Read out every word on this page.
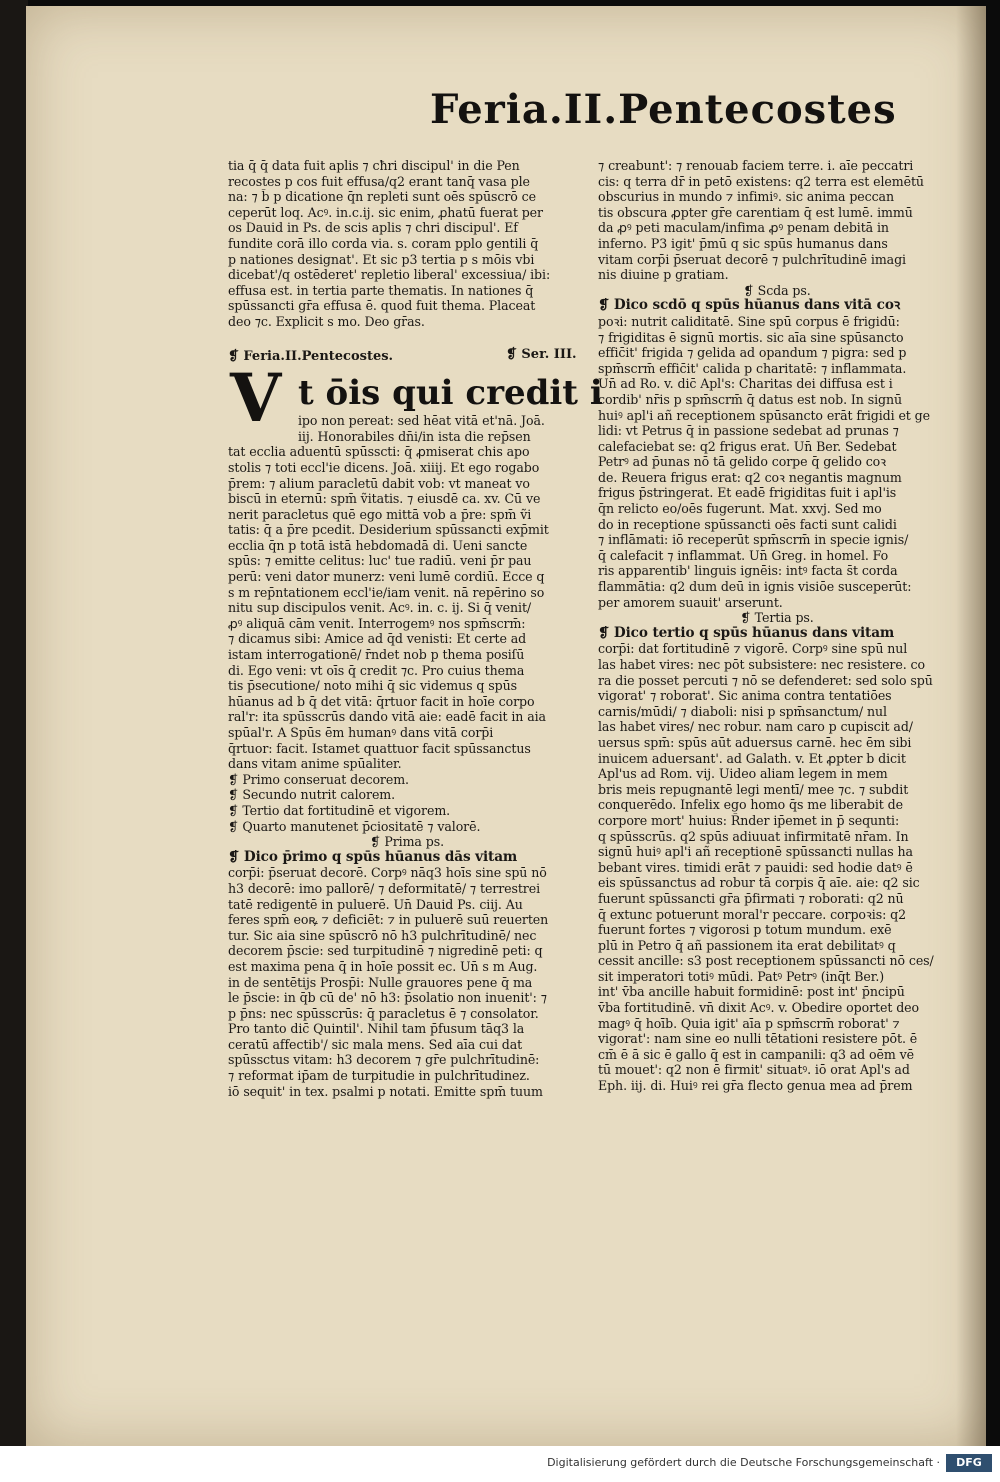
Feria.II.Pentecostes
tia q̄ q̄ data fuit aplis ⁊ cħri discipul' in die Pen
recostes p cos fuit effusa/q2 erant tanq̄ vasa ple
na: ⁊ b̄ p dicatione q̄n repleti sunt oēs spūscrō ce
ceperūt loq. Acꝰ. in.c.ij. sic enim, ꝓhatū fuerat per
os Dauid in Ps. de scis aplis ⁊ chri discipul'. Ef
fundite corā illo corda via. s. coram pplo gentili q̄
p nationes designat'. Et sic p3 tertia p s mōis vbi
dicebat'/q ostēderet' repletio liberal' excessiua/ ibi:
effusa est. in tertia parte thematis. In nationes q̄
spūssancti gr̄a effusa ē. quod fuit thema. Placeat
deo ⁊c. Explicit s mo. Deo gr̄as.
❡ Feria.II.Pentecostes.	❡ Ser. III.
V t ōis qui credit i
ipo non pereat: sed hēat vitā et'nā. Joā.
iij. Honorabiles dn̄i/in ista die rep̄sen
tat ecclia aduentū spūsscti: q̄ ꝓmiserat chis apo
stolis ⁊ toti eccl'ie dicens. Joā. xiiij. Et ego rogabo
p̄rem: ⁊ alium paracletū dabit vob: vt maneat vo
biscū in eternū: spm̄ ṽitatis. ⁊ eiusdē ca. xv. Cū ve
nerit paracletus quē ego mittā vob a p̄re: spm̄ ṽi
tatis: q̄ a p̄re pcedit. Desiderium spūssancti exp̄mit
ecclia q̄n p totā istā hebdomadā di. Ueni sancte
spūs: ⁊ emitte celitus: luc' tue radiū. veni p̄r pau
perū: veni dator munerz: veni lumē cordiū. Ecce q
s m rep̄ntationem eccl'ie/iam venit. nā repērino so
nitu sup discipulos venit. Acꝰ. in. c. ij. Si q̄ venit/
ꝓꝰ aliquā cām venit. Interrogemꝰ nos spm̄scrm̄:
⁊ dicamus sibi: Amice ad q̄d venisti: Et certe ad
istam interrogationē/ r̄ndet nob p thema posiſū
di. Ego veni: vt oīs q̄ credit ⁊c. Pro cuius thema
tis p̄secutione/ noto mihi q̄ sic videmus q spūs
hūanus ad b q̄ det vitā: q̄rtuor facit in hoīe corpo
ral'r: ita spūsscrūs dando vitā aie: eadē facit in aia
spūal'r. A Spūs ēm humanꝰ dans vitā corp̄i
q̄rtuor: facit. Istamet quattuor facit spūssanctus
dans vitam anime spūaliter.
❡ Primo conseruat decorem.
❡ Secundo nutrit calorem.
❡ Tertio dat fortitudinē et vigorem.
❡ Quarto manutenet p̄ciositatē ⁊ valorē.
❡ Prima ps.
❡ Dico p̄rimo q spūs hūanus dās vitam
corp̄i: p̄seruat decorē. Corpꝰ nāq3 hoīs sine spū nō
h3 decorē: imo pallorē/ ⁊ deformitatē/ ⁊ terrestrei
tatē redigentē in puluerē. Un̄ Dauid Ps. ciij. Au
feres spm̄ eoꝶ ⁊ deficiēt: ⁊ in puluerē suū reuerten
tur. Sic aia sine spūscrō nō h3 pulchrītudinē/ nec
decorem p̄scie: sed turpitudinē ⁊ nigredinē peti: q
est maxima pena q̄ in hoīe possit ec. Un̄ s m Aug.
in de sentētijs Prosp̄i: Nulle grauores pene q̄ ma
le p̄scie: in q̄b cū de' nō h3: p̄solatio non inuenit': ⁊
p p̄ns: nec spūsscrūs: q̄ paracletus ē ⁊ consolator.
Pro tanto dic̄ Quintil'. Nihil tam p̄fusum tāq3 la
ceratū affectib'/ sic mala mens. Sed aīa cui dat
spūssctus vitam: h3 decorem ⁊ gr̄e pulchrītudinē:
⁊ reformat ip̄am de turpitudie in pulchrītudinez.
iō sequit' in tex. psalmi p notati. Emitte spm̄ tuum
⁊ creabunt': ⁊ renouab faciem terre. i. aīe peccatri
cis: q terra dr̄ in petō existens: q2 terra est elemētū
obscurius in mundo ⁊ infimiꝰ. sic anima peccan
tis obscura ꝓpter gr̄e carentiam q̄ est lumē. immū
da ꝓꝰ peti maculam/infima ꝓꝰ penam debitā in
inferno. P3 igit' p̄mū q sic spūs humanus dans
vitam corp̄i p̄seruat decorē ⁊ pulchrītudinē imagi
nis diuine p gratiam.
❡ Scda ps.
❡ Dico scdō q spūs hūanus dans vitā coꝛ
poꝛi: nutrit caliditatē. Sine spū corpus ē frigidū:
⁊ frigiditas ē signū mortis. sic aīa sine spūsancto
effic̄it' frigida ⁊ gelida ad opandum ⁊ pigra: sed p
spm̄scrm̄ effic̄it' calida p charitatē: ⁊ inflammata.
Un̄ ad Ro. v. dic̄ Apl's: Charitas dei diffusa est i
cordib' nr̄is p spm̄scrm̄ q̄ datus est nob. In signū
huiꝰ apl'i añ receptionem spūsancto erāt frigidi et ge
lidi: vt Petrus q̄ in passione sedebat ad prunas ⁊
calefaciebat se: q2 frigus erat. Un̄ Ber. Sedebat
Petrꝰ ad p̄unas nō tā gelido corpe q̄ gelido coꝛ
de. Reuera frigus erat: q2 coꝛ negantis magnum
frigus p̄stringerat. Et eadē frigiditas fuit i apl'is
q̄n relicto eo/oēs fugerunt. Mat. xxvj. Sed mo
do in receptione spūssancti oēs facti sunt calidi
⁊ inflāmati: iō receperūt spm̄scrm̄ in specie ignis/
q̄ calefacit ⁊ inflammat. Un̄ Greg. in homel. Fo
ris apparentib' linguis ignēis: intꝰ facta s̄t corda
flammātia: q2 dum deū in ignis visiōe susceperūt:
per amorem suauit' arserunt.
❡ Tertia ps.
❡ Dico tertio q spūs hūanus dans vitam
corp̄i: dat fortitudinē ⁊ vigorē. Corpꝰ sine spū nul
las habet vires: nec pōt subsistere: nec resistere. co
ra die posset percuti ⁊ nō se defenderet: sed solo spū
vigorat' ⁊ roborat'. Sic anima contra tentatiōes
carnis/mūdi/ ⁊ diaboli: nisi p spm̄sanctum/ nul
las habet vires/ nec robur. nam caro p cupiscit ad/
uersus spm̄: spūs aūt aduersus carnē. hec ēm sibi
inuicem aduersant'. ad Galath. v. Et ꝓpter b dicit
Apl'us ad Rom. vij. Uideo aliam legem in mem
bris meis repugnantē legi mentī/ mee ⁊c. ⁊ subdit
conquerēdo. Infelix ego homo q̄s me liberabit de
corpore mort' huius: R̄nder ip̄emet in p̄ sequnti:
q spūsscrūs. q2 spūs adiuuat infirmitatē nr̄am. In
signū huiꝰ apl'i añ receptionē spūssancti nullas ha
bebant vires. timidi erāt ⁊ pauidi: sed hodie datꝰ ē
eis spūssanctus ad robur tā corpis q̄ aīe. aie: q2 sic
fuerunt spūssancti gr̄a p̄firmati ⁊ roborati: q2 nū
q̄ extunc potuerunt moral'r peccare. corpoꝛis: q2
fuerunt fortes ⁊ vigorosi p totum mundum. exē
plū in Petro q̄ añ passionem ita erat debilitatꝰ q
cessit ancille: s3 post receptionem spūssancti nō ces/
sit imperatori totiꝰ mūdi. Patꝰ Petrꝰ (inq̄t Ber.)
int' v̄ba ancille habuit formidinē: post int' p̄ncipū
v̄ba fortitudinē. vn̄ dixit Acꝰ. v. Obedire oportet deo
magꝰ q̄ hoīb. Quia igit' aīa p spm̄scrm̄ roborat' ⁊
vigorat': nam sine eo nulli tētationi resistere pōt. ē
cm̄ ē ā sic ē gallo q̄ est in campanili: q3 ad oēm vē
tū mouet': q2 non ē firmit' situatꝰ. iō orat Apl's ad
Eph. iij. di. Huiꝰ rei gr̄a flecto genua mea ad p̄rem
Digitalisierung gefördert durch die Deutsche Forschungsgemeinschaft ·	DFG
